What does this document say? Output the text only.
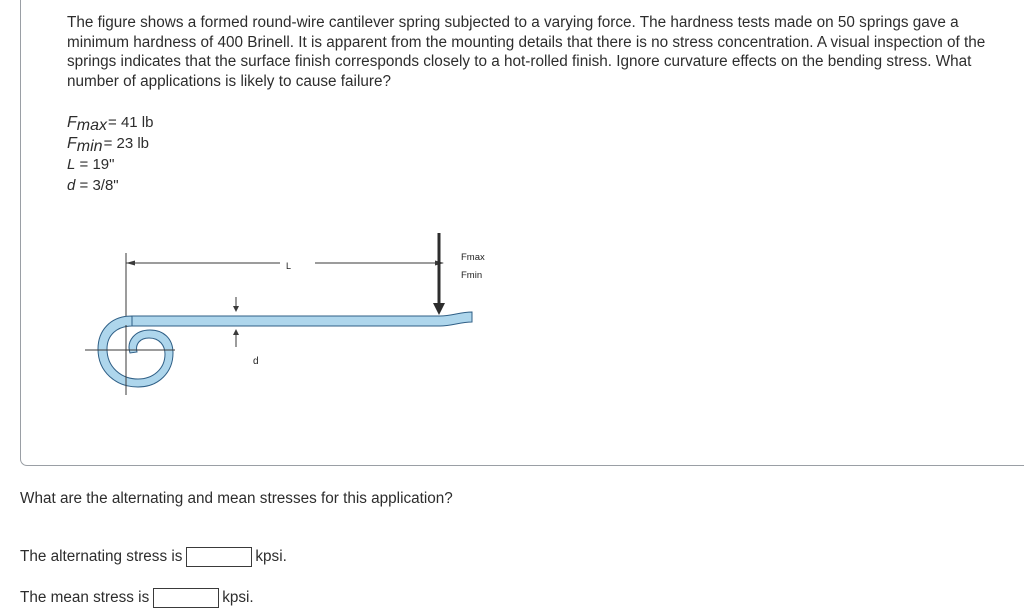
The figure shows a formed round-wire cantilever spring subjected to a varying force. The hardness tests made on 50 springs gave a minimum hardness of 400 Brinell. It is apparent from the mounting details that there is no stress concentration. A visual inspection of the springs indicates that the surface finish corresponds closely to a hot-rolled finish. Ignore curvature effects on the bending stress. What number of applications is likely to cause failure?

Fmax= 41 lb
Fmin= 23 lb
L = 19"
d = 3/8"
L
Fmax
Fmin
d

What are the alternating and mean stresses for this application?

The alternating stress is	kpsi.
The mean stress is	kpsi.
